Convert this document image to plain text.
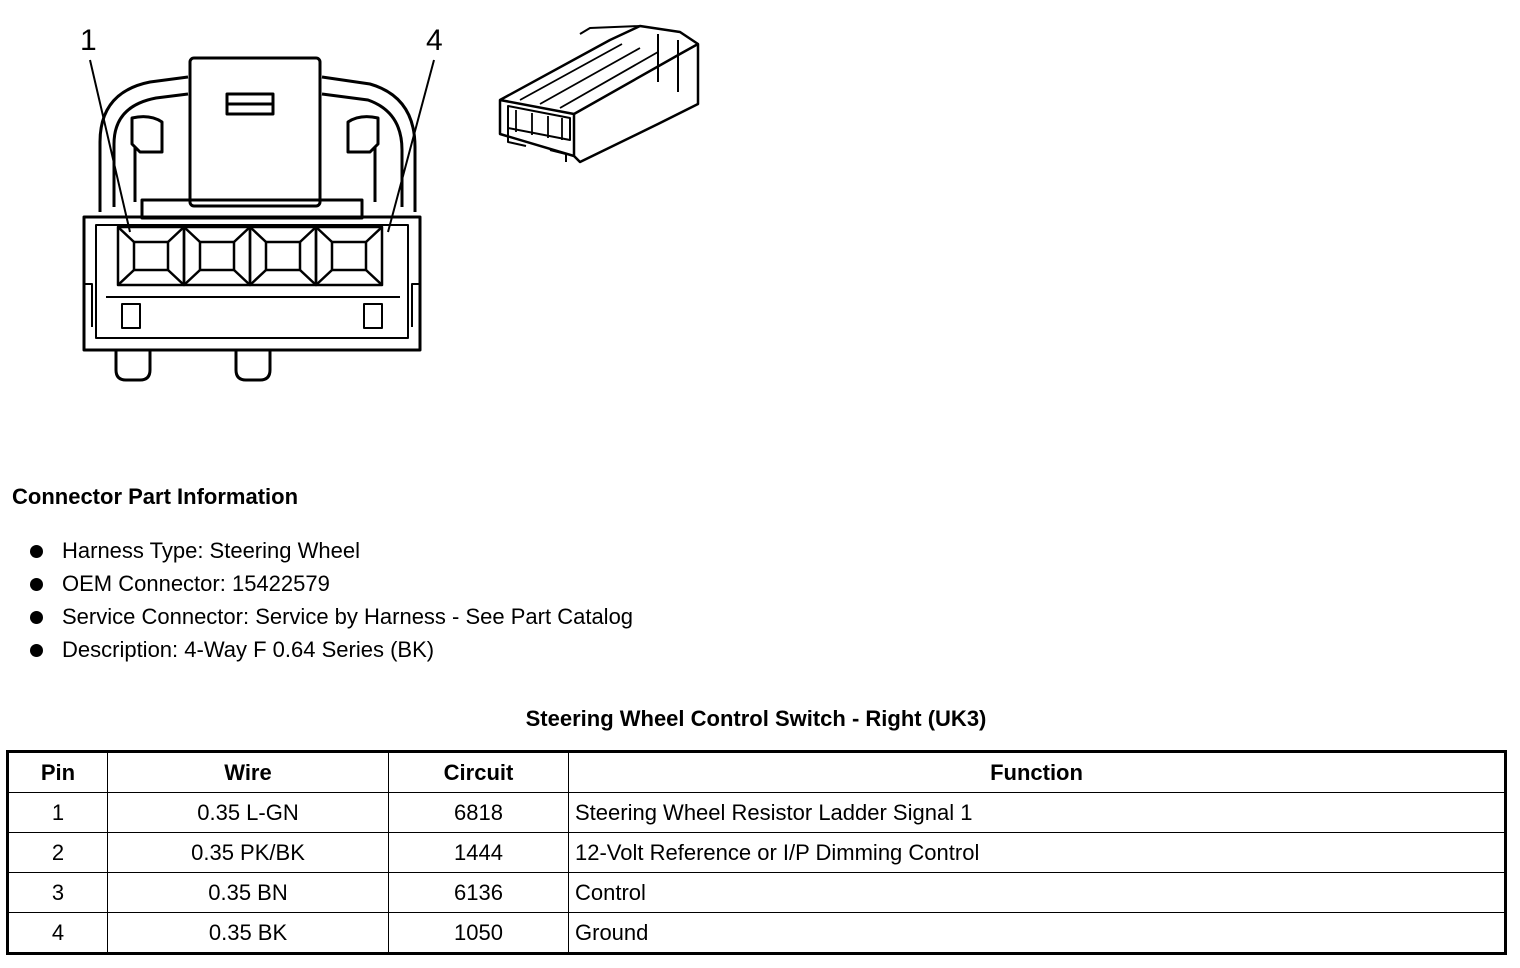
1	4
Connector Part Information
Harness Type: Steering Wheel
OEM Connector: 15422579
Service Connector: Service by Harness - See Part Catalog
Description: 4-Way F 0.64 Series (BK)
Steering Wheel Control Switch - Right (UK3)
Pin	Wire	Circuit	Function
1	0.35 L-GN	6818	Steering Wheel Resistor Ladder Signal 1
2	0.35 PK/BK	1444	12-Volt Reference or I/P Dimming Control
3	0.35 BN	6136	Control
4	0.35 BK	1050	Ground
